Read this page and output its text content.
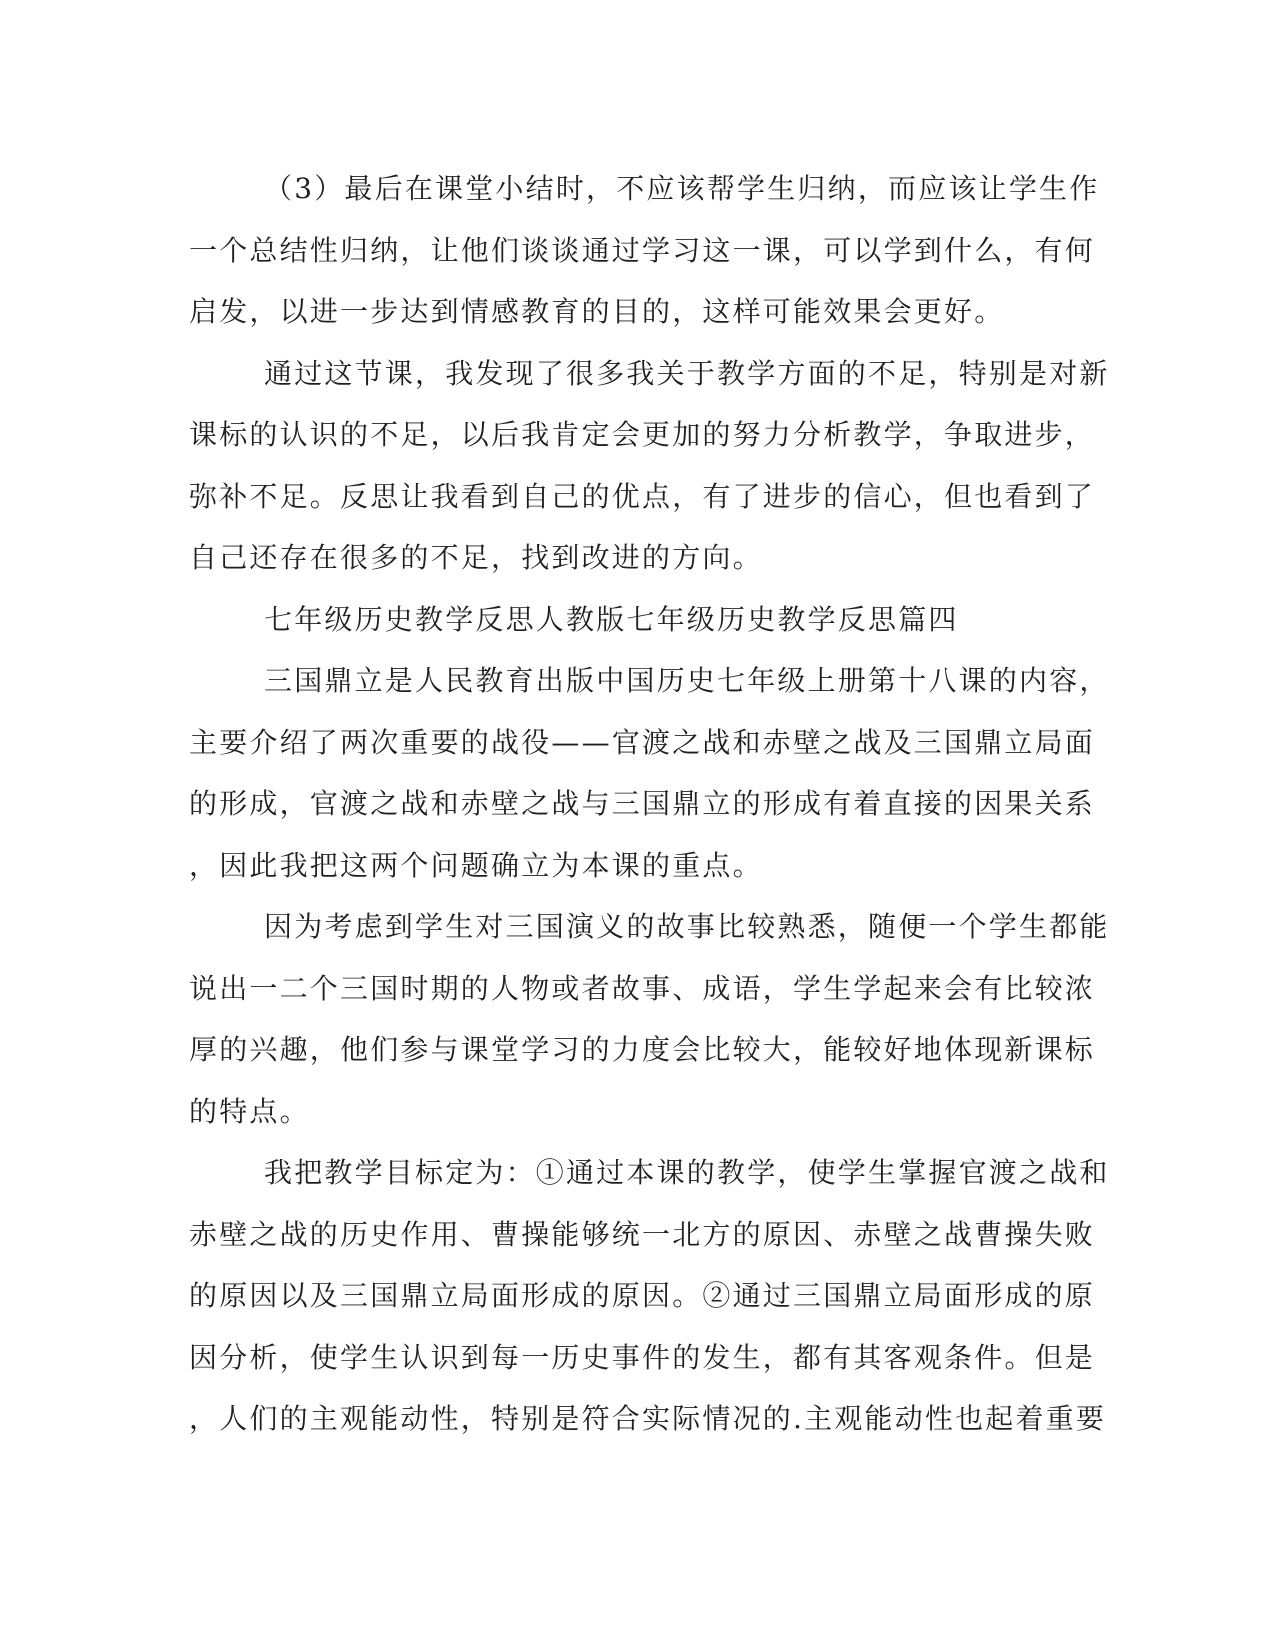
（3）最后在课堂小结时，不应该帮学生归纳，而应该让学生作
一个总结性归纳，让他们谈谈通过学习这一课，可以学到什么，有何
启发，以进一步达到情感教育的目的，这样可能效果会更好。
通过这节课，我发现了很多我关于教学方面的不足，特别是对新
课标的认识的不足，以后我肯定会更加的努力分析教学，争取进步，
弥补不足。反思让我看到自己的优点，有了进步的信心，但也看到了
自己还存在很多的不足，找到改进的方向。
七年级历史教学反思人教版七年级历史教学反思篇四
三国鼎立是人民教育出版中国历史七年级上册第十八课的内容，
主要介绍了两次重要的战役——官渡之战和赤壁之战及三国鼎立局面
的形成，官渡之战和赤壁之战与三国鼎立的形成有着直接的因果关系
，因此我把这两个问题确立为本课的重点。
因为考虑到学生对三国演义的故事比较熟悉，随便一个学生都能
说出一二个三国时期的人物或者故事、成语，学生学起来会有比较浓
厚的兴趣，他们参与课堂学习的力度会比较大，能较好地体现新课标
的特点。
我把教学目标定为：①通过本课的教学，使学生掌握官渡之战和
赤壁之战的历史作用、曹操能够统一北方的原因、赤壁之战曹操失败
的原因以及三国鼎立局面形成的原因。②通过三国鼎立局面形成的原
因分析，使学生认识到每一历史事件的发生，都有其客观条件。但是
，人们的主观能动性，特别是符合实际情况的.主观能动性也起着重要
